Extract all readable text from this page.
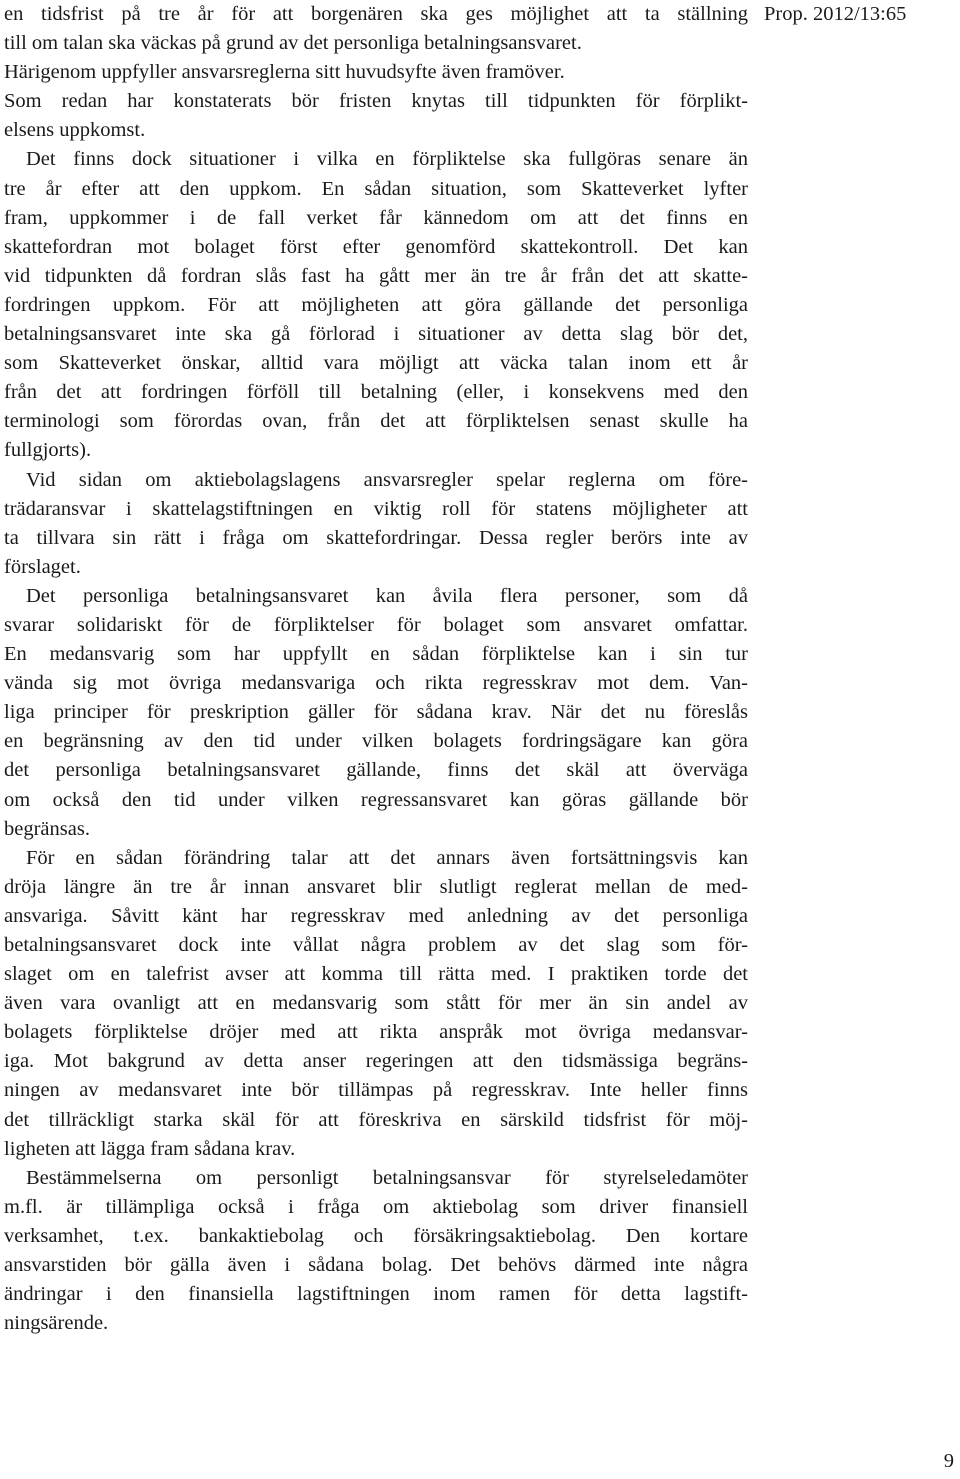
en tidsfrist på tre år för att borgenären ska ges möjlighet att ta ställning
till om talan ska väckas på grund av det personliga betalningsansvaret.
Härigenom uppfyller ansvarsreglerna sitt huvudsyfte även framöver.
Som redan har konstaterats bör fristen knytas till tidpunkten för förplikt-
elsens uppkomst.
Det finns dock situationer i vilka en förpliktelse ska fullgöras senare än
tre år efter att den uppkom. En sådan situation, som Skatteverket lyfter
fram, uppkommer i de fall verket får kännedom om att det finns en
skattefordran mot bolaget först efter genomförd skattekontroll. Det kan
vid tidpunkten då fordran slås fast ha gått mer än tre år från det att skatte-
fordringen uppkom. För att möjligheten att göra gällande det personliga
betalningsansvaret inte ska gå förlorad i situationer av detta slag bör det,
som Skatteverket önskar, alltid vara möjligt att väcka talan inom ett år
från det att fordringen förföll till betalning (eller, i konsekvens med den
terminologi som förordas ovan, från det att förpliktelsen senast skulle ha
fullgjorts).
Vid sidan om aktiebolagslagens ansvarsregler spelar reglerna om före-
trädaransvar i skattelagstiftningen en viktig roll för statens möjligheter att
ta tillvara sin rätt i fråga om skattefordringar. Dessa regler berörs inte av
förslaget.
Det personliga betalningsansvaret kan åvila flera personer, som då
svarar solidariskt för de förpliktelser för bolaget som ansvaret omfattar.
En medansvarig som har uppfyllt en sådan förpliktelse kan i sin tur
vända sig mot övriga medansvariga och rikta regresskrav mot dem. Van-
liga principer för preskription gäller för sådana krav. När det nu föreslås
en begränsning av den tid under vilken bolagets fordringsägare kan göra
det personliga betalningsansvaret gällande, finns det skäl att överväga
om också den tid under vilken regressansvaret kan göras gällande bör
begränsas.
För en sådan förändring talar att det annars även fortsättningsvis kan
dröja längre än tre år innan ansvaret blir slutligt reglerat mellan de med-
ansvariga. Såvitt känt har regresskrav med anledning av det personliga
betalningsansvaret dock inte vållat några problem av det slag som för-
slaget om en talefrist avser att komma till rätta med. I praktiken torde det
även vara ovanligt att en medansvarig som stått för mer än sin andel av
bolagets förpliktelse dröjer med att rikta anspråk mot övriga medansvar-
iga. Mot bakgrund av detta anser regeringen att den tidsmässiga begräns-
ningen av medansvaret inte bör tillämpas på regresskrav. Inte heller finns
det tillräckligt starka skäl för att föreskriva en särskild tidsfrist för möj-
ligheten att lägga fram sådana krav.
Bestämmelserna om personligt betalningsansvar för styrelseledamöter
m.fl. är tillämpliga också i fråga om aktiebolag som driver finansiell
verksamhet, t.ex. bankaktiebolag och försäkringsaktiebolag. Den kortare
ansvarstiden bör gälla även i sådana bolag. Det behövs därmed inte några
ändringar i den finansiella lagstiftningen inom ramen för detta lagstift-
ningsärende.
Prop. 2012/13:65
9
